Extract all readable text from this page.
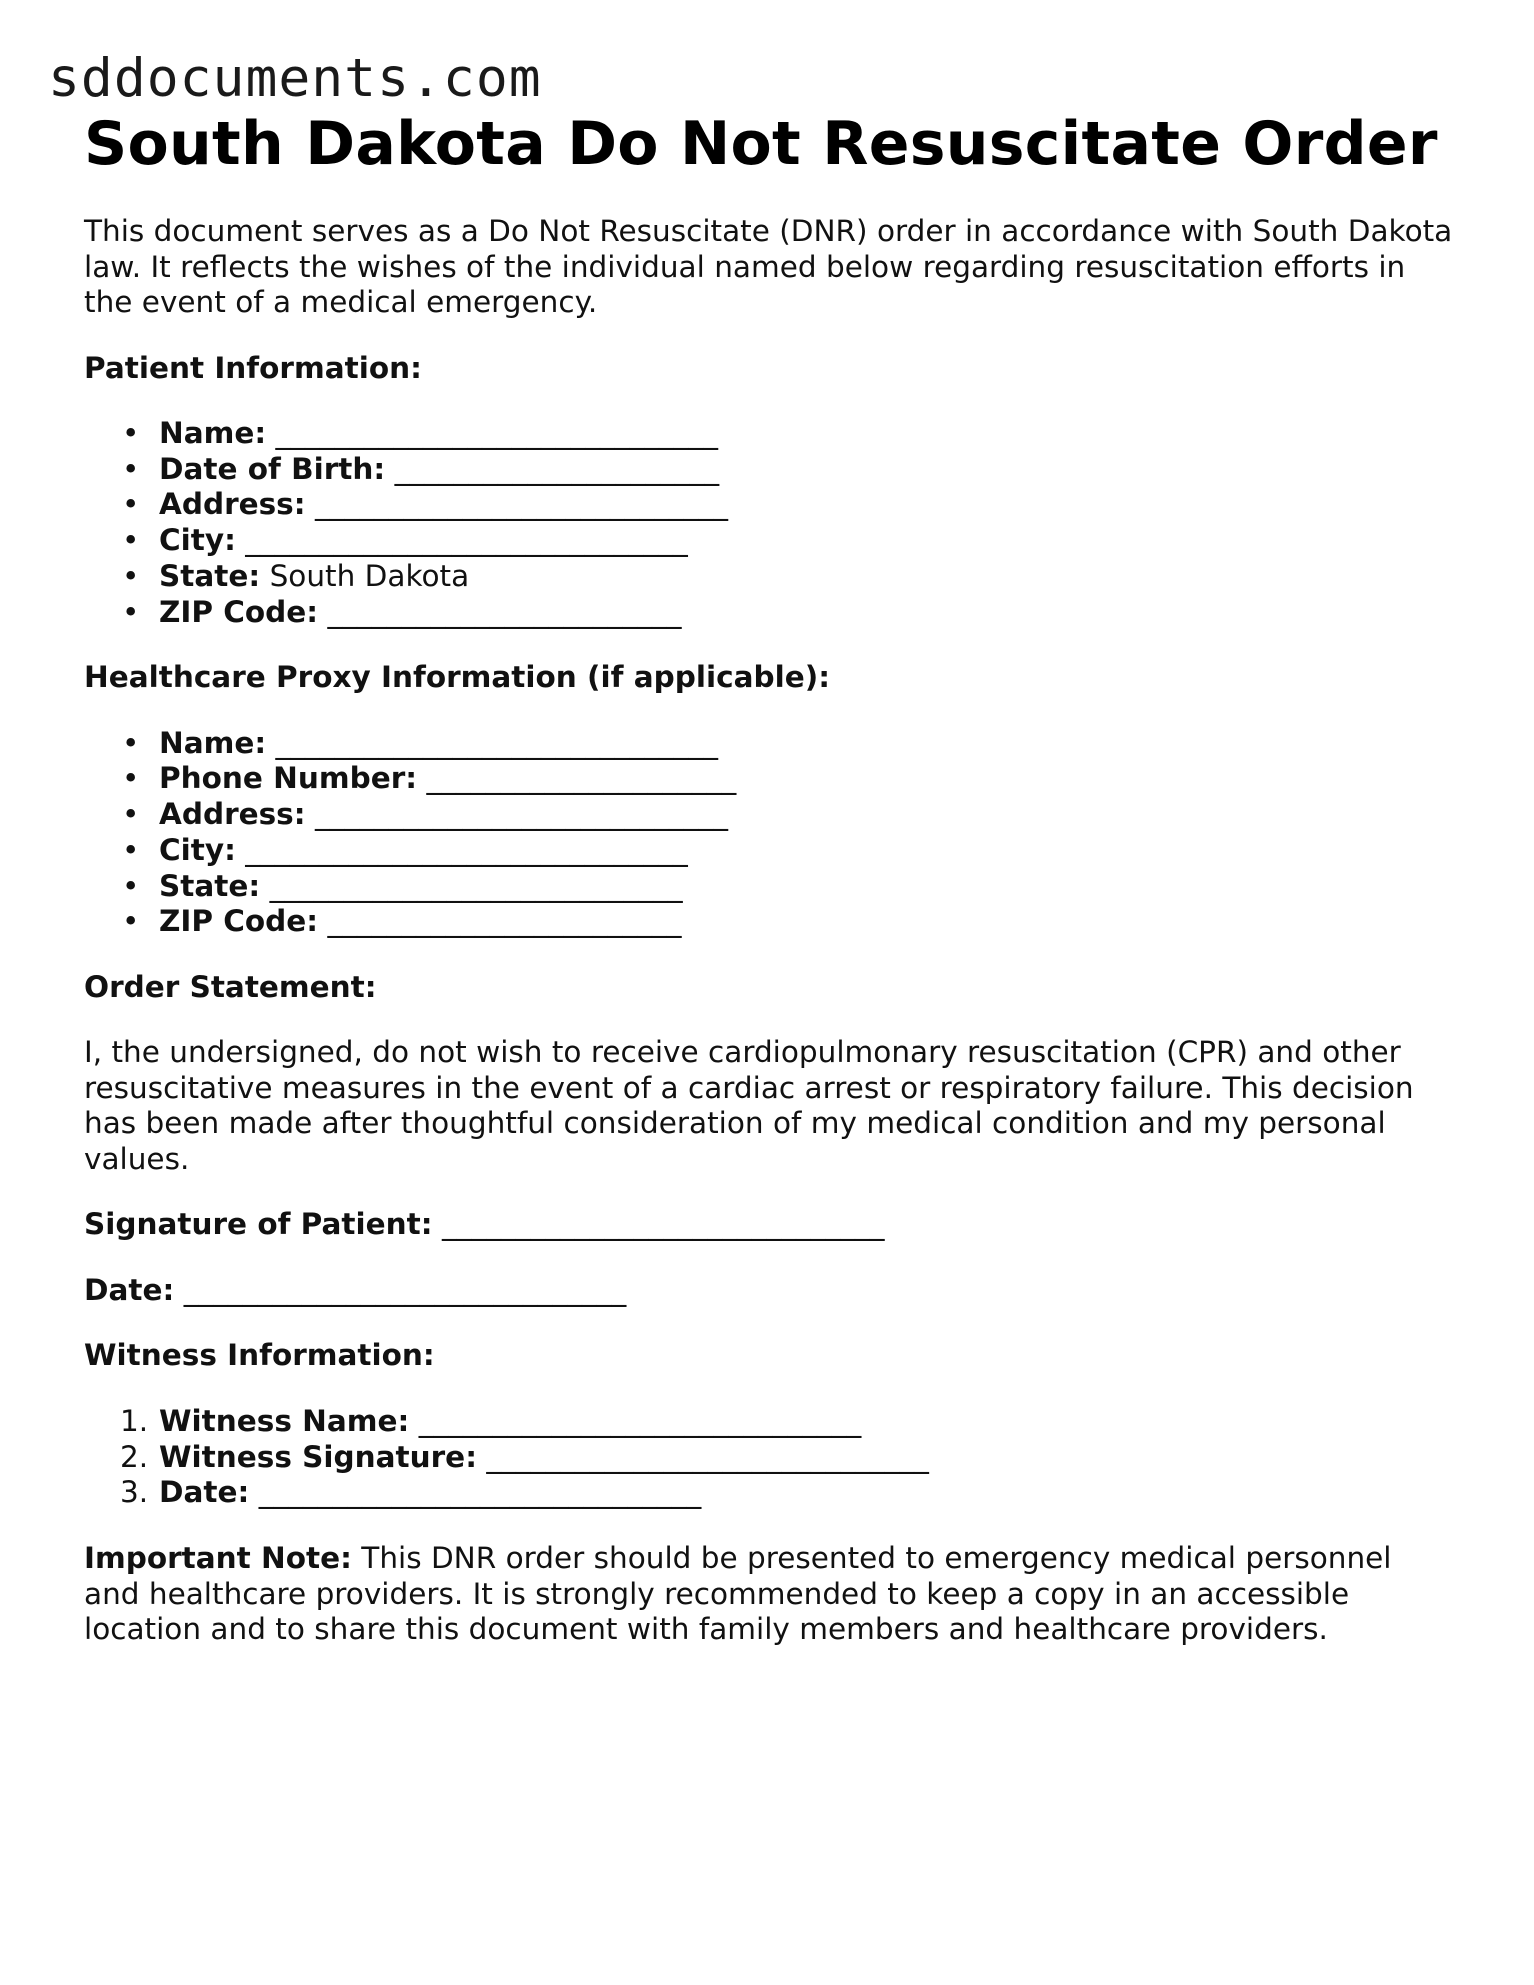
sddocuments.com
South Dakota Do Not Resuscitate Order

This document serves as a Do Not Resuscitate (DNR) order in accordance with South Dakota law. It reflects the wishes of the individual named below regarding resuscitation efforts in the event of a medical emergency.

Patient Information:

• Name: ______________________________
• Date of Birth: ______________________
• Address: ____________________________
• City: ______________________________
• State: South Dakota
• ZIP Code: ________________________

Healthcare Proxy Information (if applicable):

• Name: ______________________________
• Phone Number: _____________________
• Address: ____________________________
• City: ______________________________
• State: ____________________________
• ZIP Code: ________________________

Order Statement:

I, the undersigned, do not wish to receive cardiopulmonary resuscitation (CPR) and other resuscitative measures in the event of a cardiac arrest or respiratory failure. This decision has been made after thoughtful consideration of my medical condition and my personal values.

Signature of Patient: ______________________________

Date: ______________________________

Witness Information:

1. Witness Name: ______________________________
2. Witness Signature: ______________________________
3. Date: ______________________________

Important Note: This DNR order should be presented to emergency medical personnel and healthcare providers. It is strongly recommended to keep a copy in an accessible location and to share this document with family members and healthcare providers.
